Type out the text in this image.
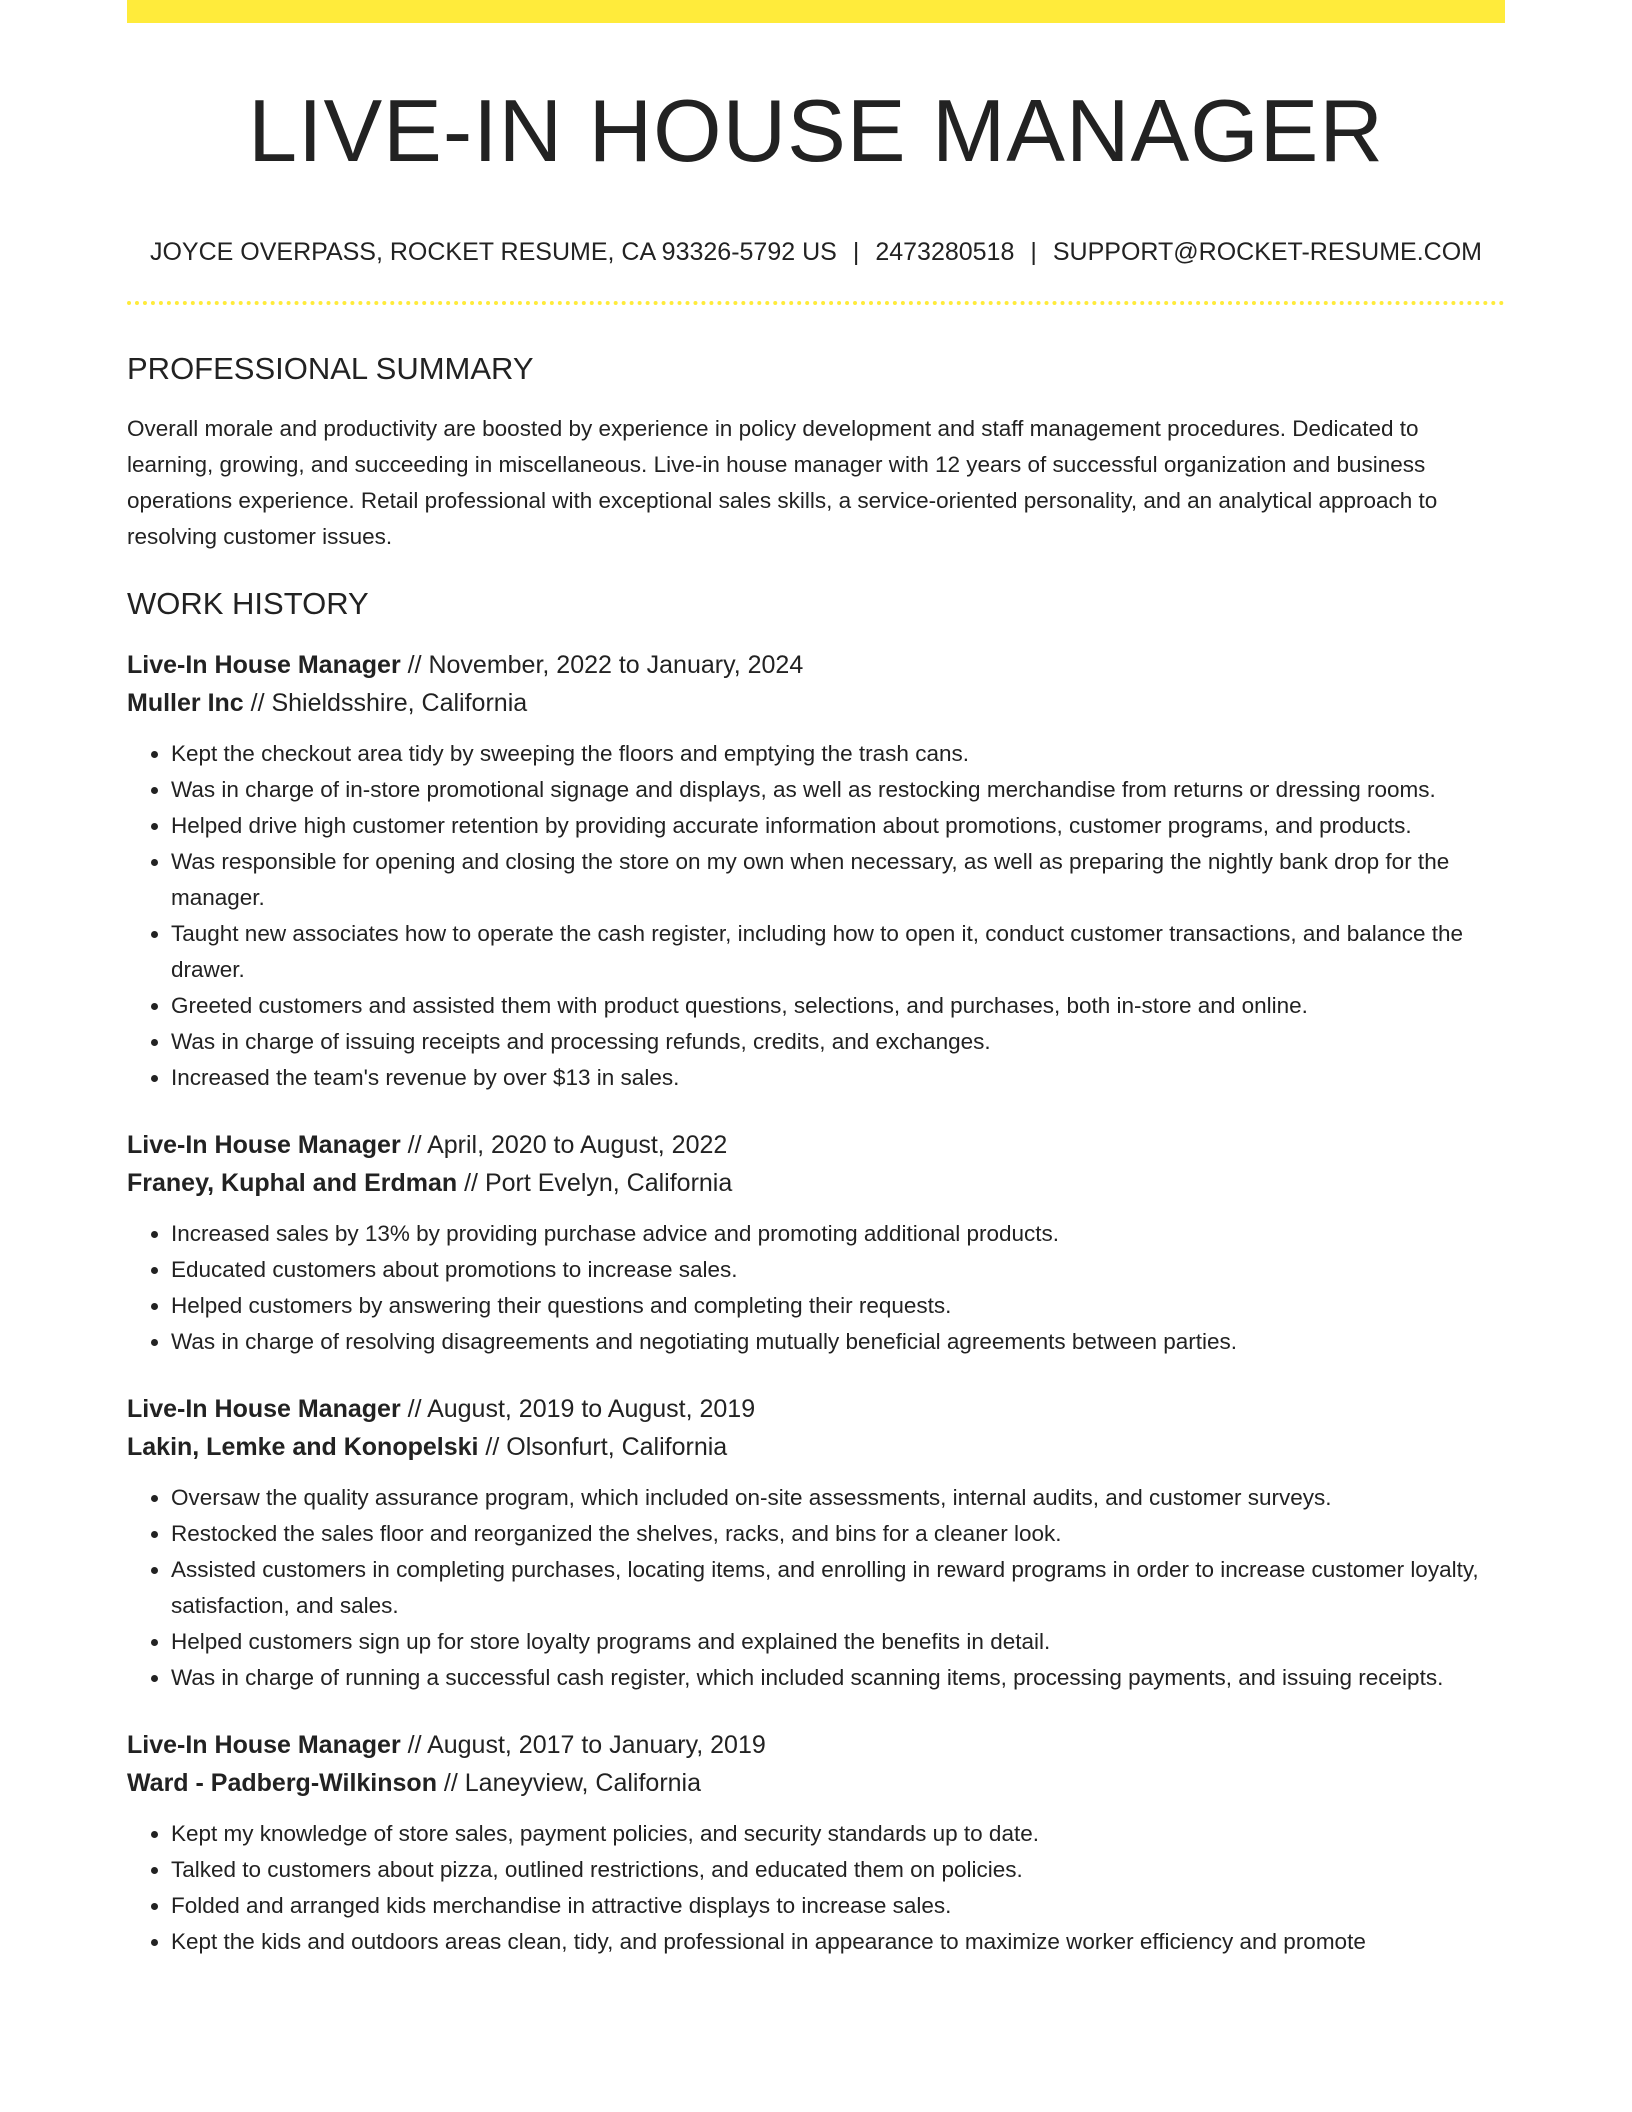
LIVE-IN HOUSE MANAGER
JOYCE OVERPASS, ROCKET RESUME, CA 93326-5792 US | 2473280518 | SUPPORT@ROCKET-RESUME.COM
PROFESSIONAL SUMMARY
Overall morale and productivity are boosted by experience in policy development and staff management procedures. Dedicated to learning, growing, and succeeding in miscellaneous. Live-in house manager with 12 years of successful organization and business operations experience. Retail professional with exceptional sales skills, a service-oriented personality, and an analytical approach to resolving customer issues.
WORK HISTORY
Live-In House Manager // November, 2022 to January, 2024
Muller Inc // Shieldsshire, California
• Kept the checkout area tidy by sweeping the floors and emptying the trash cans.
• Was in charge of in-store promotional signage and displays, as well as restocking merchandise from returns or dressing rooms.
• Helped drive high customer retention by providing accurate information about promotions, customer programs, and products.
• Was responsible for opening and closing the store on my own when necessary, as well as preparing the nightly bank drop for the manager.
• Taught new associates how to operate the cash register, including how to open it, conduct customer transactions, and balance the drawer.
• Greeted customers and assisted them with product questions, selections, and purchases, both in-store and online.
• Was in charge of issuing receipts and processing refunds, credits, and exchanges.
• Increased the team's revenue by over $13 in sales.
Live-In House Manager // April, 2020 to August, 2022
Franey, Kuphal and Erdman // Port Evelyn, California
• Increased sales by 13% by providing purchase advice and promoting additional products.
• Educated customers about promotions to increase sales.
• Helped customers by answering their questions and completing their requests.
• Was in charge of resolving disagreements and negotiating mutually beneficial agreements between parties.
Live-In House Manager // August, 2019 to August, 2019
Lakin, Lemke and Konopelski // Olsonfurt, California
• Oversaw the quality assurance program, which included on-site assessments, internal audits, and customer surveys.
• Restocked the sales floor and reorganized the shelves, racks, and bins for a cleaner look.
• Assisted customers in completing purchases, locating items, and enrolling in reward programs in order to increase customer loyalty, satisfaction, and sales.
• Helped customers sign up for store loyalty programs and explained the benefits in detail.
• Was in charge of running a successful cash register, which included scanning items, processing payments, and issuing receipts.
Live-In House Manager // August, 2017 to January, 2019
Ward - Padberg-Wilkinson // Laneyview, California
• Kept my knowledge of store sales, payment policies, and security standards up to date.
• Talked to customers about pizza, outlined restrictions, and educated them on policies.
• Folded and arranged kids merchandise in attractive displays to increase sales.
• Kept the kids and outdoors areas clean, tidy, and professional in appearance to maximize worker efficiency and promote
